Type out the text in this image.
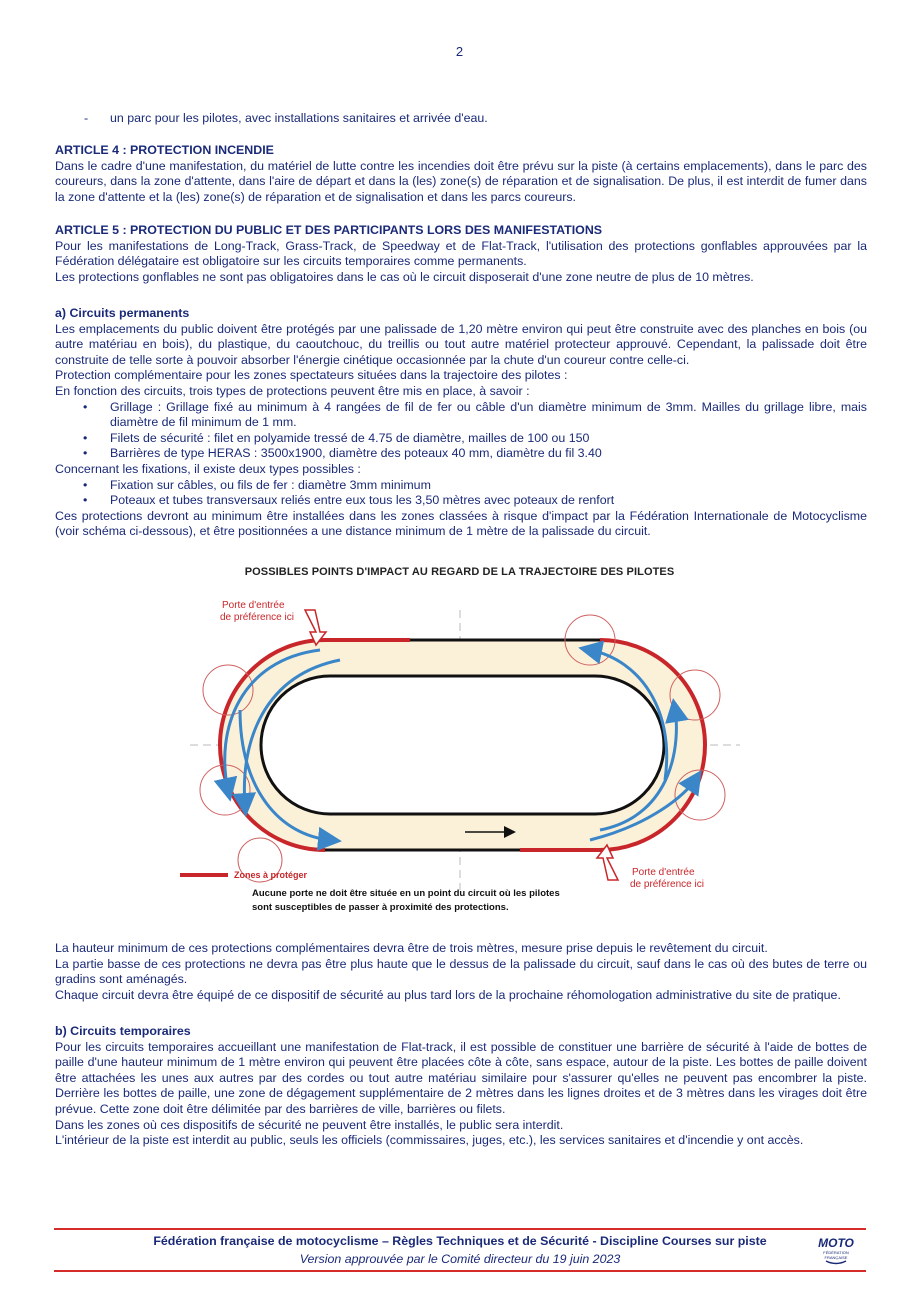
2
- un parc pour les pilotes, avec installations sanitaires et arrivée d'eau.
ARTICLE 4 : PROTECTION INCENDIE

Dans le cadre d'une manifestation, du matériel de lutte contre les incendies doit être prévu sur la piste (à certains emplacements), dans le parc des coureurs, dans la zone d'attente, dans l'aire de départ et dans la (les) zone(s) de réparation et de signalisation. De plus, il est interdit de fumer dans la zone d'attente et la (les) zone(s) de réparation et de signalisation et dans les parcs coureurs.

ARTICLE 5 : PROTECTION DU PUBLIC ET DES PARTICIPANTS LORS DES MANIFESTATIONS

Pour les manifestations de Long-Track, Grass-Track, de Speedway et de Flat-Track, l'utilisation des protections gonflables approuvées par la Fédération délégataire est obligatoire sur les circuits temporaires comme permanents.

Les protections gonflables ne sont pas obligatoires dans le cas où le circuit disposerait d'une zone neutre de plus de 10 mètres.

a) Circuits permanents

Les emplacements du public doivent être protégés par une palissade de 1,20 mètre environ qui peut être construite avec des planches en bois (ou autre matériau en bois), du plastique, du caoutchouc, du treillis ou tout autre matériel protecteur approuvé. Cependant, la palissade doit être construite de telle sorte à pouvoir absorber l'énergie cinétique occasionnée par la chute d'un coureur contre celle-ci.

Protection complémentaire pour les zones spectateurs situées dans la trajectoire des pilotes :

En fonction des circuits, trois types de protections peuvent être mis en place, à savoir :

• Grillage : Grillage fixé au minimum à 4 rangées de fil de fer ou câble d'un diamètre minimum de 3mm. Mailles du grillage libre, mais diamètre de fil minimum de 1 mm.
• Filets de sécurité : filet en polyamide tressé de 4.75 de diamètre, mailles de 100 ou 150
• Barrières de type HERAS : 3500x1900, diamètre des poteaux 40 mm, diamètre du fil 3.40

Concernant les fixations, il existe deux types possibles :

• Fixation sur câbles, ou fils de fer : diamètre 3mm minimum
• Poteaux et tubes transversaux reliés entre eux tous les 3,50 mètres avec poteaux de renfort

Ces protections devront au minimum être installées dans les zones classées à risque d'impact par la Fédération Internationale de Motocyclisme (voir schéma ci-dessous), et être positionnées a une distance minimum de 1 mètre de la palissade du circuit.

POSSIBLES POINTS D'IMPACT AU REGARD DE LA TRAJECTOIRE DES PILOTES
Porte d'entrée
de préférence ici
Porte d'entrée
de préférence ici
Zones à protéger
Aucune porte ne doit être située en un point du circuit où les pilotes
sont susceptibles de passer à proximité des protections.

La hauteur minimum de ces protections complémentaires devra être de trois mètres, mesure prise depuis le revêtement du circuit.

La partie basse de ces protections ne devra pas être plus haute que le dessus de la palissade du circuit, sauf dans le cas où des butes de terre ou gradins sont aménagés.

Chaque circuit devra être équipé de ce dispositif de sécurité au plus tard lors de la prochaine réhomologation administrative du site de pratique.

b) Circuits temporaires

Pour les circuits temporaires accueillant une manifestation de Flat-track, il est possible de constituer une barrière de sécurité à l'aide de bottes de paille d'une hauteur minimum de 1 mètre environ qui peuvent être placées côte à côte, sans espace, autour de la piste. Les bottes de paille doivent être attachées les unes aux autres par des cordes ou tout autre matériau similaire pour s'assurer qu'elles ne peuvent pas encombrer la piste. Derrière les bottes de paille, une zone de dégagement supplémentaire de 2 mètres dans les lignes droites et de 3 mètres dans les virages doit être prévue. Cette zone doit être délimitée par des barrières de ville, barrières ou filets.

Dans les zones où ces dispositifs de sécurité ne peuvent être installés, le public sera interdit.

L'intérieur de la piste est interdit au public, seuls les officiels (commissaires, juges, etc.), les services sanitaires et d'incendie y ont accès.

Fédération française de motocyclisme – Règles Techniques et de Sécurité - Discipline Courses sur piste
Version approuvée par le Comité directeur du 19 juin 2023
MOTO
FÉDÉRATION
FRANÇAISE
